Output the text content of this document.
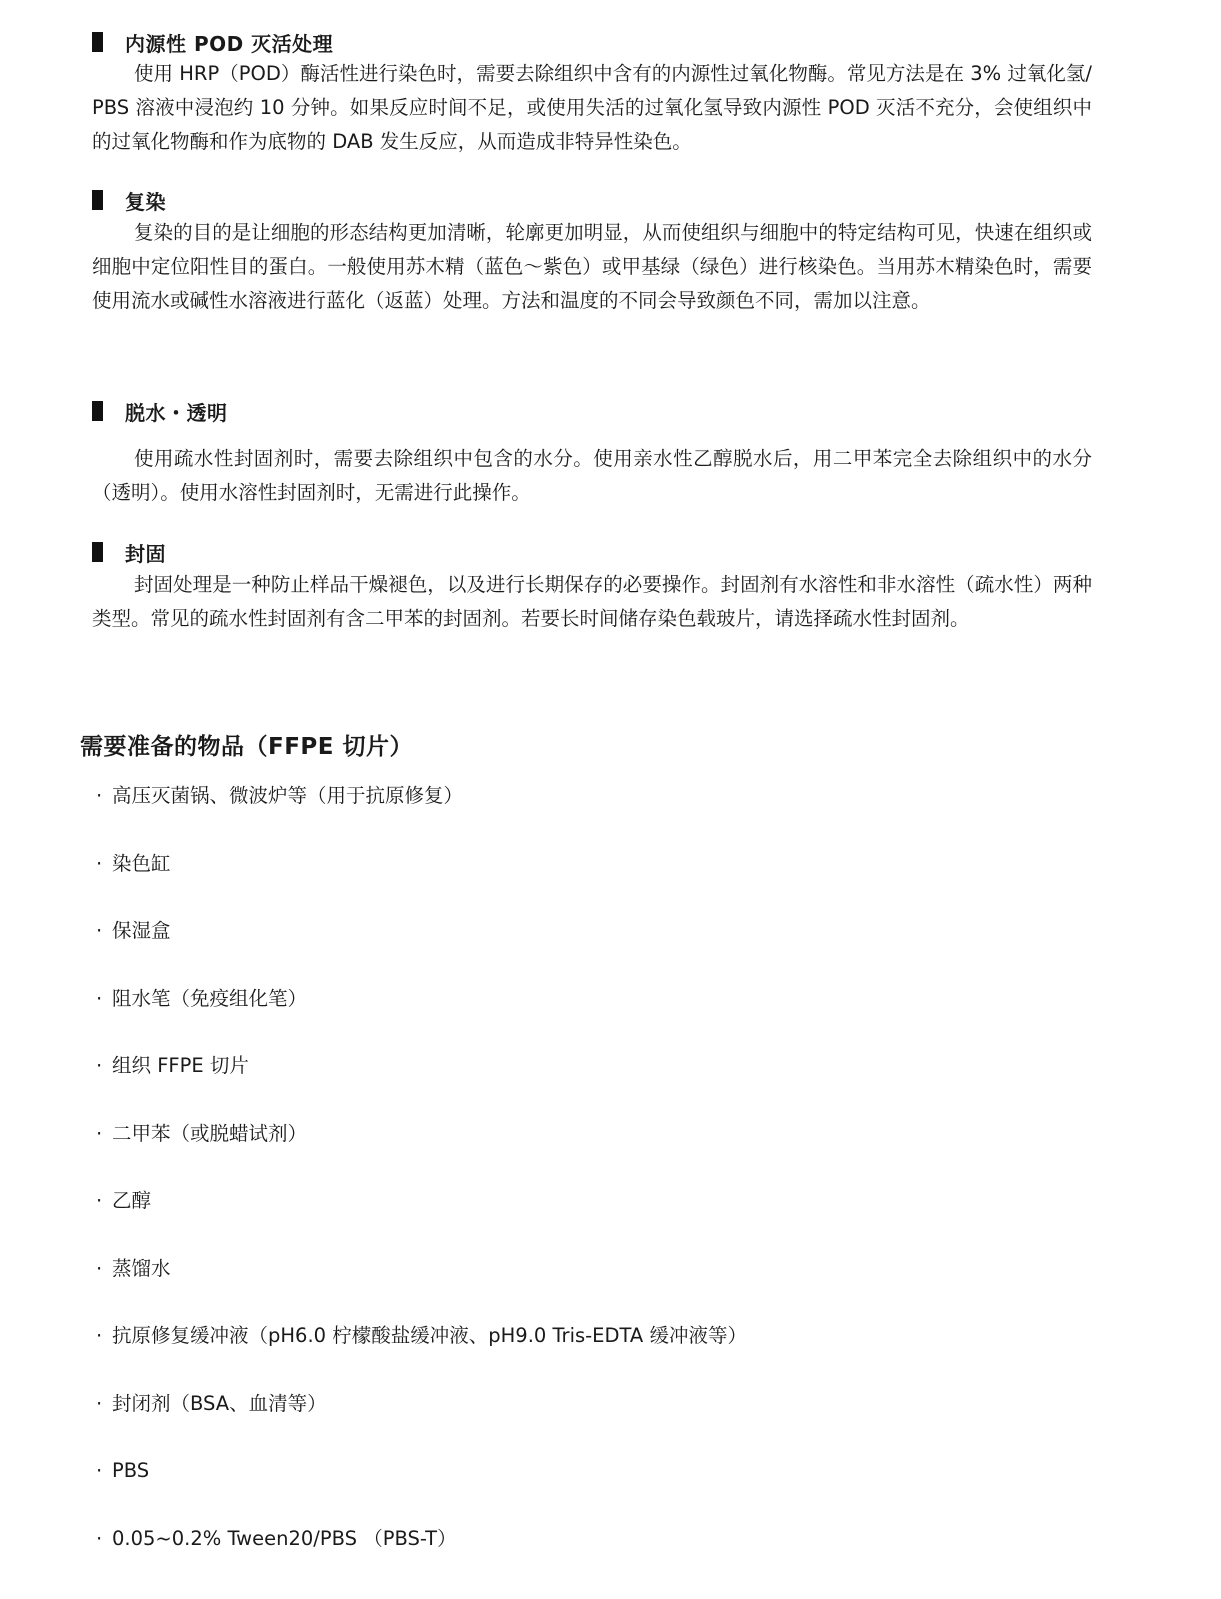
内源性 POD 灭活处理

使用 HRP（POD）酶活性进行染色时，需要去除组织中含有的内源性过氧化物酶。常见方法是在 3% 过氧化氢/ PBS 溶液中浸泡约 10 分钟。如果反应时间不足，或使用失活的过氧化氢导致内源性 POD 灭活不充分，会使组织中的过氧化物酶和作为底物的 DAB 发生反应，从而造成非特异性染色。

复染

复染的目的是让细胞的形态结构更加清晰，轮廓更加明显，从而使组织与细胞中的特定结构可见，快速在组织或细胞中定位阳性目的蛋白。一般使用苏木精（蓝色～紫色）或甲基绿（绿色）进行核染色。当用苏木精染色时，需要使用流水或碱性水溶液进行蓝化（返蓝）处理。方法和温度的不同会导致颜色不同，需加以注意。

脱水・透明

使用疏水性封固剂时，需要去除组织中包含的水分。使用亲水性乙醇脱水后，用二甲苯完全去除组织中的水分（透明）。使用水溶性封固剂时，无需进行此操作。

封固

封固处理是一种防止样品干燥褪色，以及进行长期保存的必要操作。封固剂有水溶性和非水溶性（疏水性）两种类型。常见的疏水性封固剂有含二甲苯的封固剂。若要长时间储存染色载玻片，请选择疏水性封固剂。

需要准备的物品（FFPE 切片）
· 高压灭菌锅、微波炉等（用于抗原修复）
· 染色缸
· 保湿盒
· 阻水笔（免疫组化笔）
· 组织 FFPE 切片
· 二甲苯（或脱蜡试剂）
· 乙醇
· 蒸馏水
· 抗原修复缓冲液（pH6.0 柠檬酸盐缓冲液、pH9.0 Tris-EDTA 缓冲液等）
· 封闭剂（BSA、血清等）
· PBS
· 0.05~0.2% Tween20/PBS （PBS-T）
